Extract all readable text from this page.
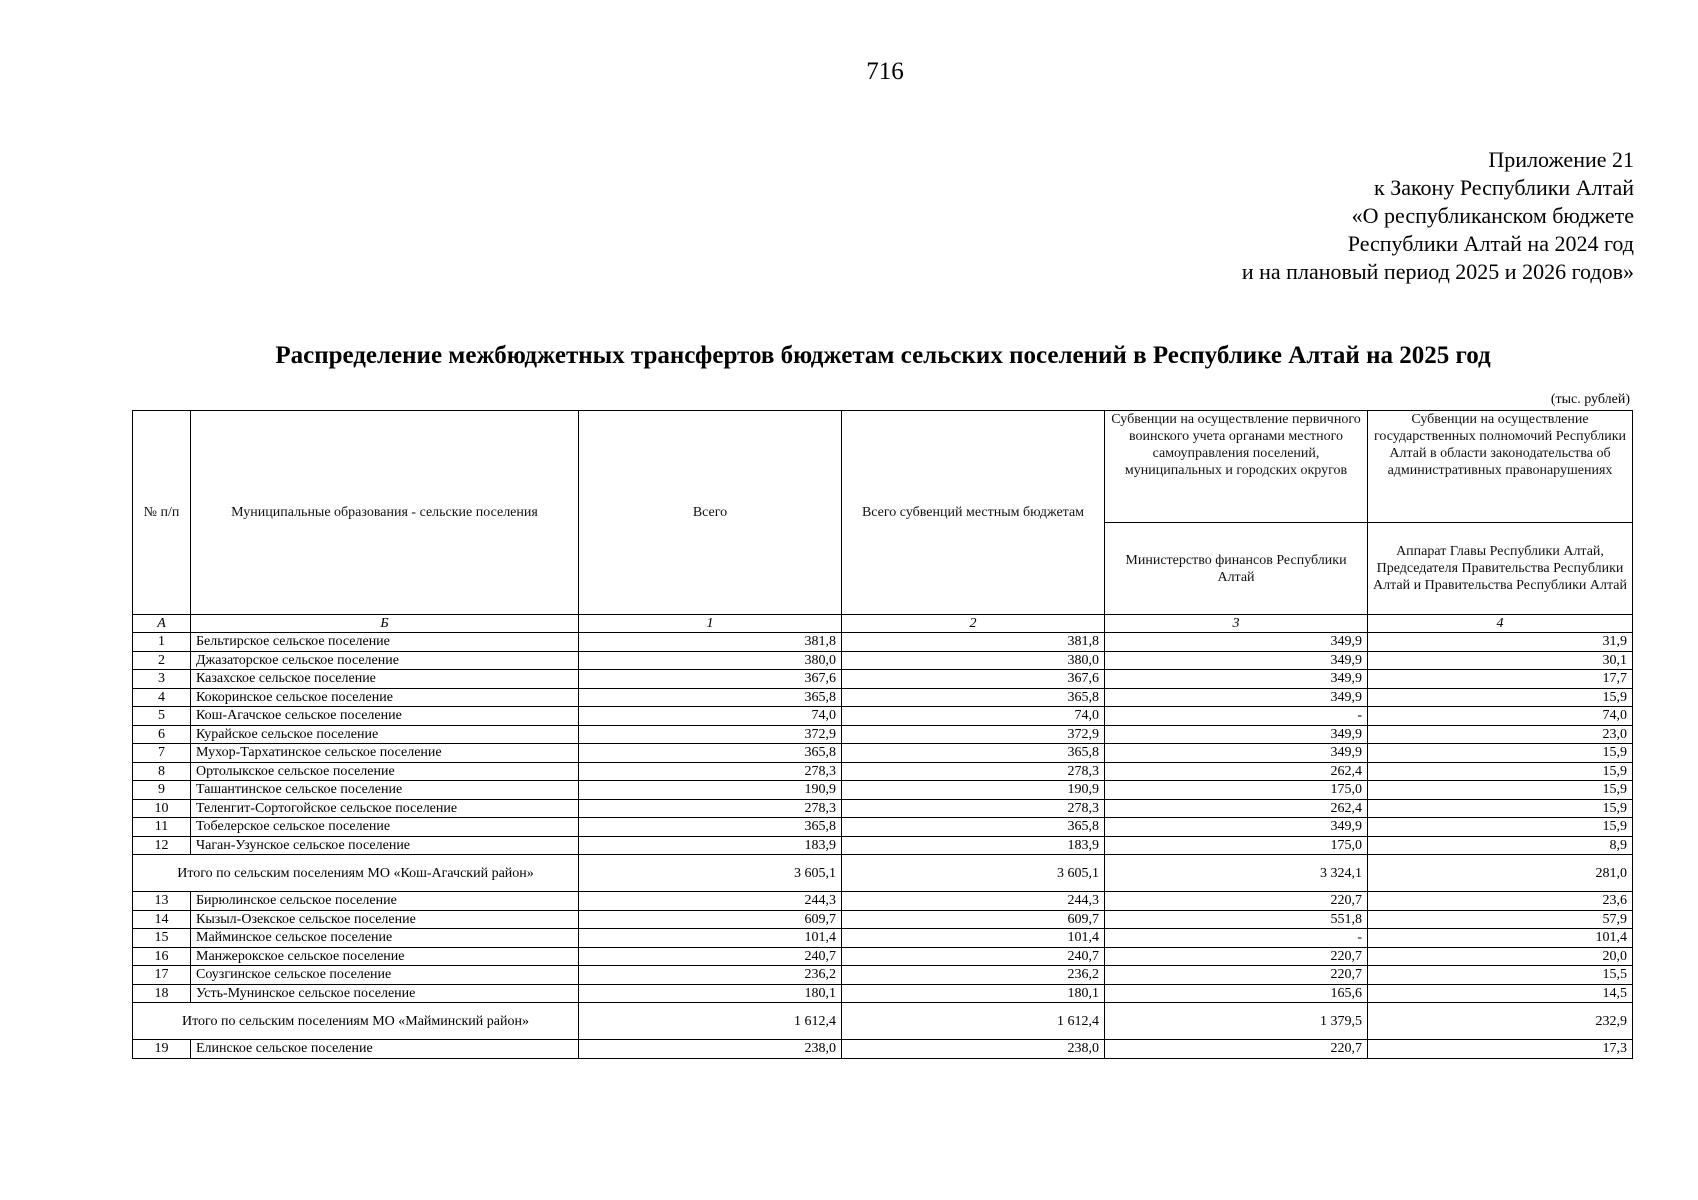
716
Приложение 21
к Закону Республики Алтай
«О республиканском бюджете
Республики Алтай на 2024 год
и на плановый период 2025 и 2026 годов»
Распределение межбюджетных трансфертов бюджетам сельских поселений в Республике Алтай на 2025 год
(тыс. рублей)
№ п/п	Муниципальные образования - сельские поселения	Всего	Всего субвенций местным бюджетам	Субвенции на осуществление первичного воинского учета органами местного самоуправления поселений, муниципальных и городских округов	Субвенции на осуществление государственных полномочий Республики Алтай в области законодательства об административных правонарушениях
				Министерство финансов Республики Алтай	Аппарат Главы Республики Алтай, Председателя Правительства Республики Алтай и Правительства Республики Алтай
А	Б	1	2	3	4
1	Бельтирское сельское поселение	381,8	381,8	349,9	31,9
2	Джазаторское сельское поселение	380,0	380,0	349,9	30,1
3	Казахское сельское поселение	367,6	367,6	349,9	17,7
4	Кокоринское сельское поселение	365,8	365,8	349,9	15,9
5	Кош-Агачское сельское поселение	74,0	74,0	-	74,0
6	Курайское сельское поселение	372,9	372,9	349,9	23,0
7	Мухор-Тархатинское сельское поселение	365,8	365,8	349,9	15,9
8	Ортолыкское сельское поселение	278,3	278,3	262,4	15,9
9	Ташантинское сельское поселение	190,9	190,9	175,0	15,9
10	Теленгит-Сортогойское сельское поселение	278,3	278,3	262,4	15,9
11	Тобелерское сельское поселение	365,8	365,8	349,9	15,9
12	Чаган-Узунское сельское поселение	183,9	183,9	175,0	8,9
Итого по сельским поселениям МО «Кош-Агачский район»		3 605,1	3 605,1	3 324,1	281,0
13	Бирюлинское сельское поселение	244,3	244,3	220,7	23,6
14	Кызыл-Озекское сельское поселение	609,7	609,7	551,8	57,9
15	Майминское сельское поселение	101,4	101,4	-	101,4
16	Манжерокское сельское поселение	240,7	240,7	220,7	20,0
17	Соузгинское сельское поселение	236,2	236,2	220,7	15,5
18	Усть-Мунинское сельское поселение	180,1	180,1	165,6	14,5
Итого по сельским поселениям МО «Майминский район»		1 612,4	1 612,4	1 379,5	232,9
19	Елинское сельское поселение	238,0	238,0	220,7	17,3
